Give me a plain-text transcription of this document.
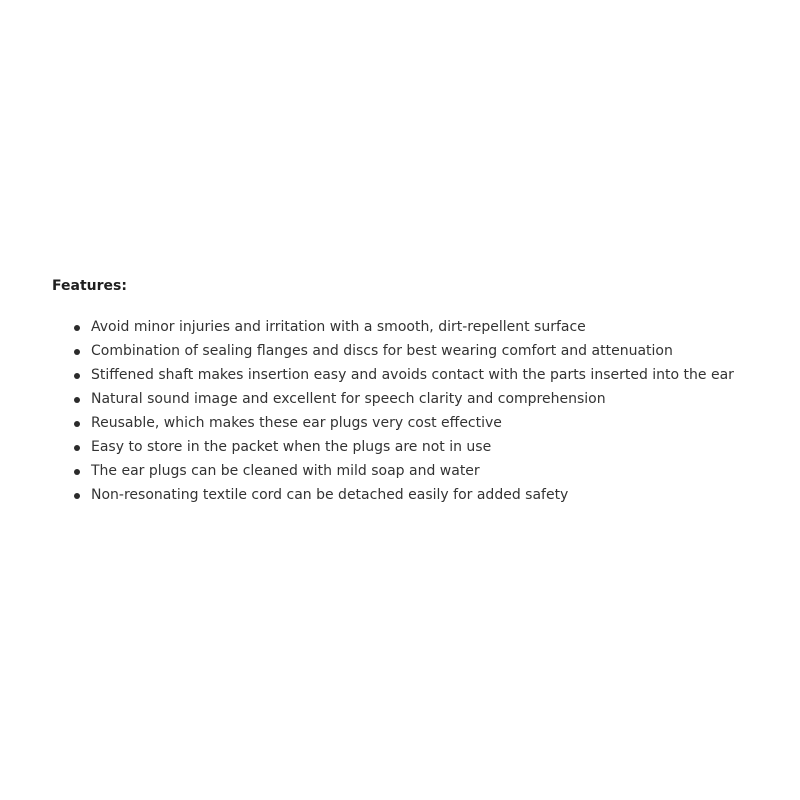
Features:
Avoid minor injuries and irritation with a smooth, dirt-repellent surface
Combination of sealing flanges and discs for best wearing comfort and attenuation
Stiffened shaft makes insertion easy and avoids contact with the parts inserted into the ear
Natural sound image and excellent for speech clarity and comprehension
Reusable, which makes these ear plugs very cost effective
Easy to store in the packet when the plugs are not in use
The ear plugs can be cleaned with mild soap and water
Non-resonating textile cord can be detached easily for added safety
